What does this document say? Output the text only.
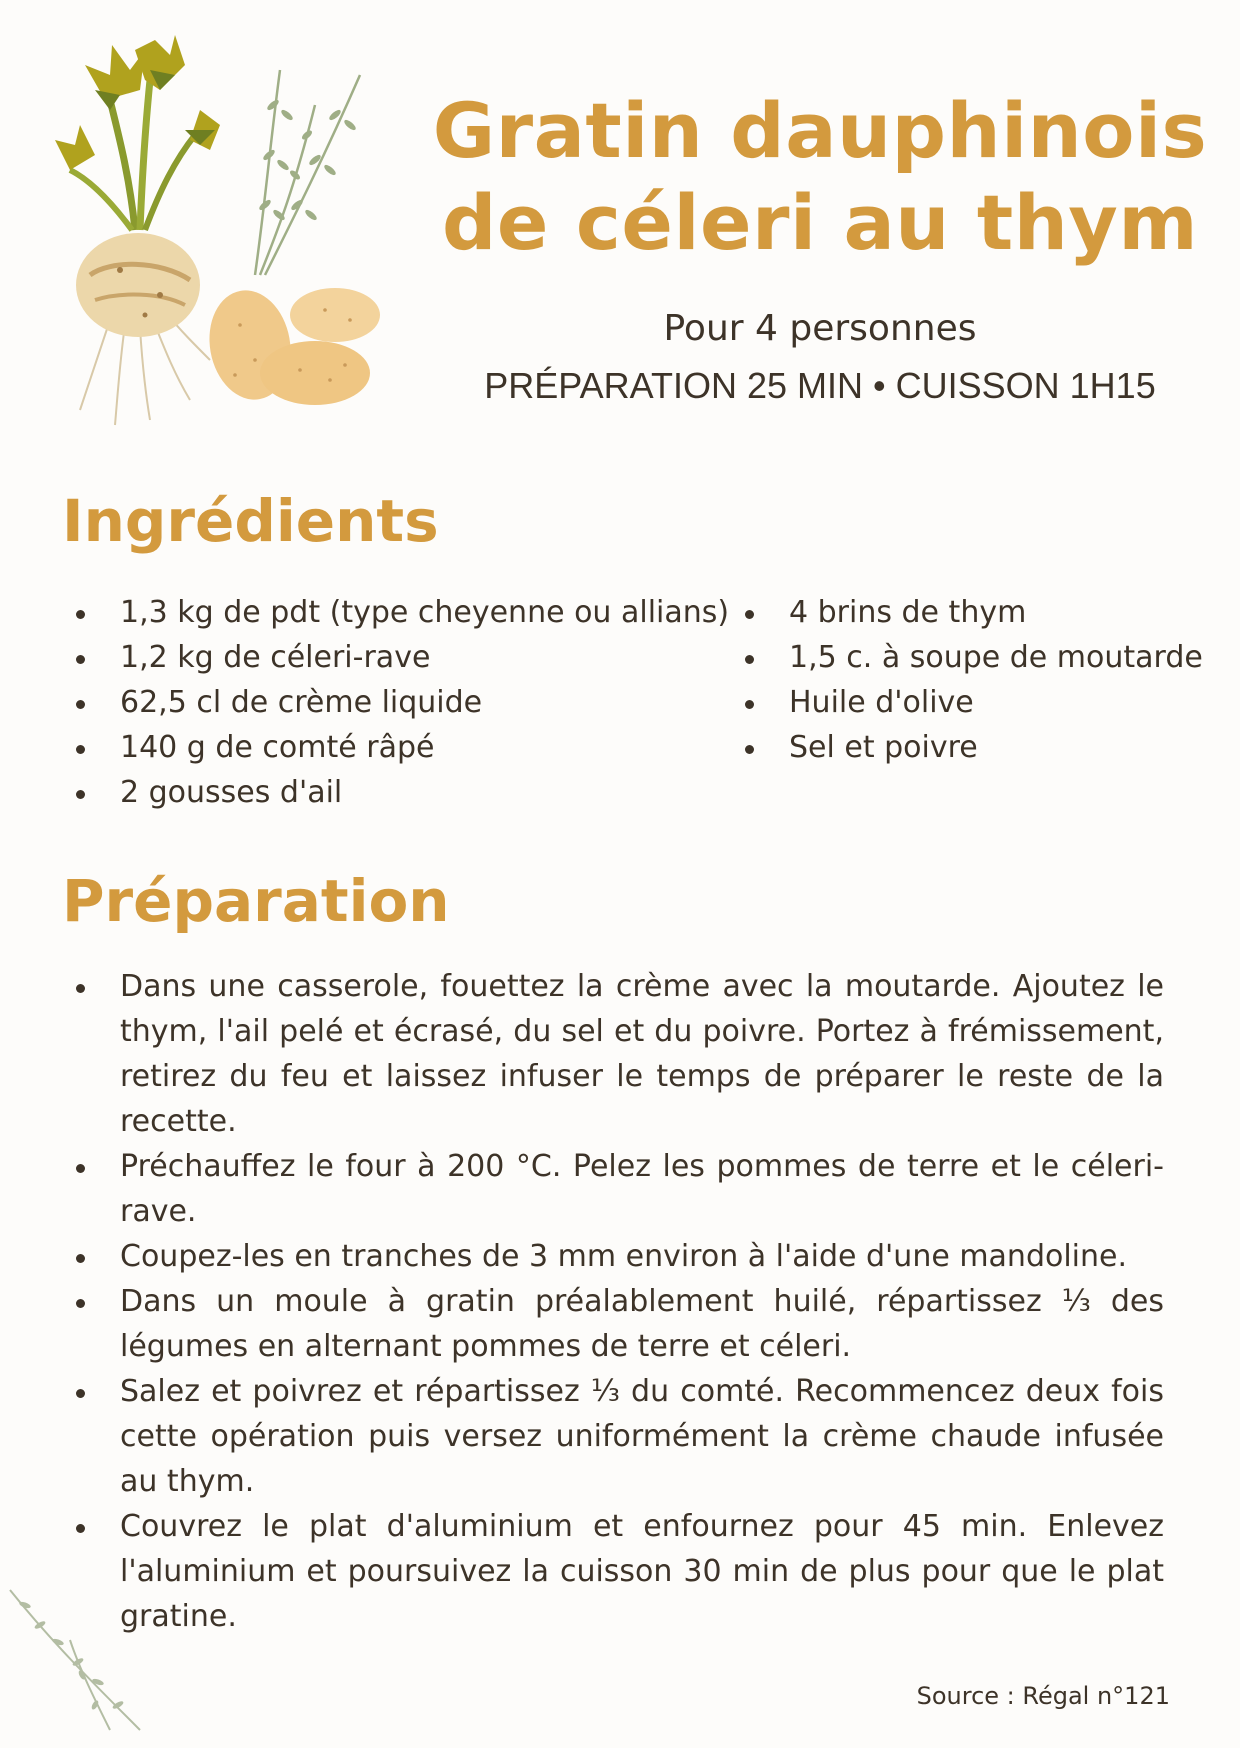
Gratin dauphinois
de céleri au thym
Pour 4 personnes
PRÉPARATION 25 MIN • CUISSON 1H15
Ingrédients
1,3 kg de pdt (type cheyenne ou allians)
1,2 kg de céleri-rave
62,5 cl de crème liquide
140 g de comté râpé
2 gousses d'ail
4 brins de thym
1,5 c. à soupe de moutarde
Huile d'olive
Sel et poivre
Préparation
Dans une casserole, fouettez la crème avec la moutarde. Ajoutez le thym, l'ail pelé et écrasé, du sel et du poivre. Portez à frémissement, retirez du feu et laissez infuser le temps de préparer le reste de la recette.
Préchauffez le four à 200 °C. Pelez les pommes de terre et le céleri-rave.
Coupez-les en tranches de 3 mm environ à l'aide d'une mandoline.
Dans un moule à gratin préalablement huilé, répartissez ⅓ des légumes en alternant pommes de terre et céleri.
Salez et poivrez et répartissez ⅓ du comté. Recommencez deux fois cette opération puis versez uniformément la crème chaude infusée au thym.
Couvrez le plat d'aluminium et enfournez pour 45 min. Enlevez l'aluminium et poursuivez la cuisson 30 min de plus pour que le plat gratine.
Source : Régal n°121
